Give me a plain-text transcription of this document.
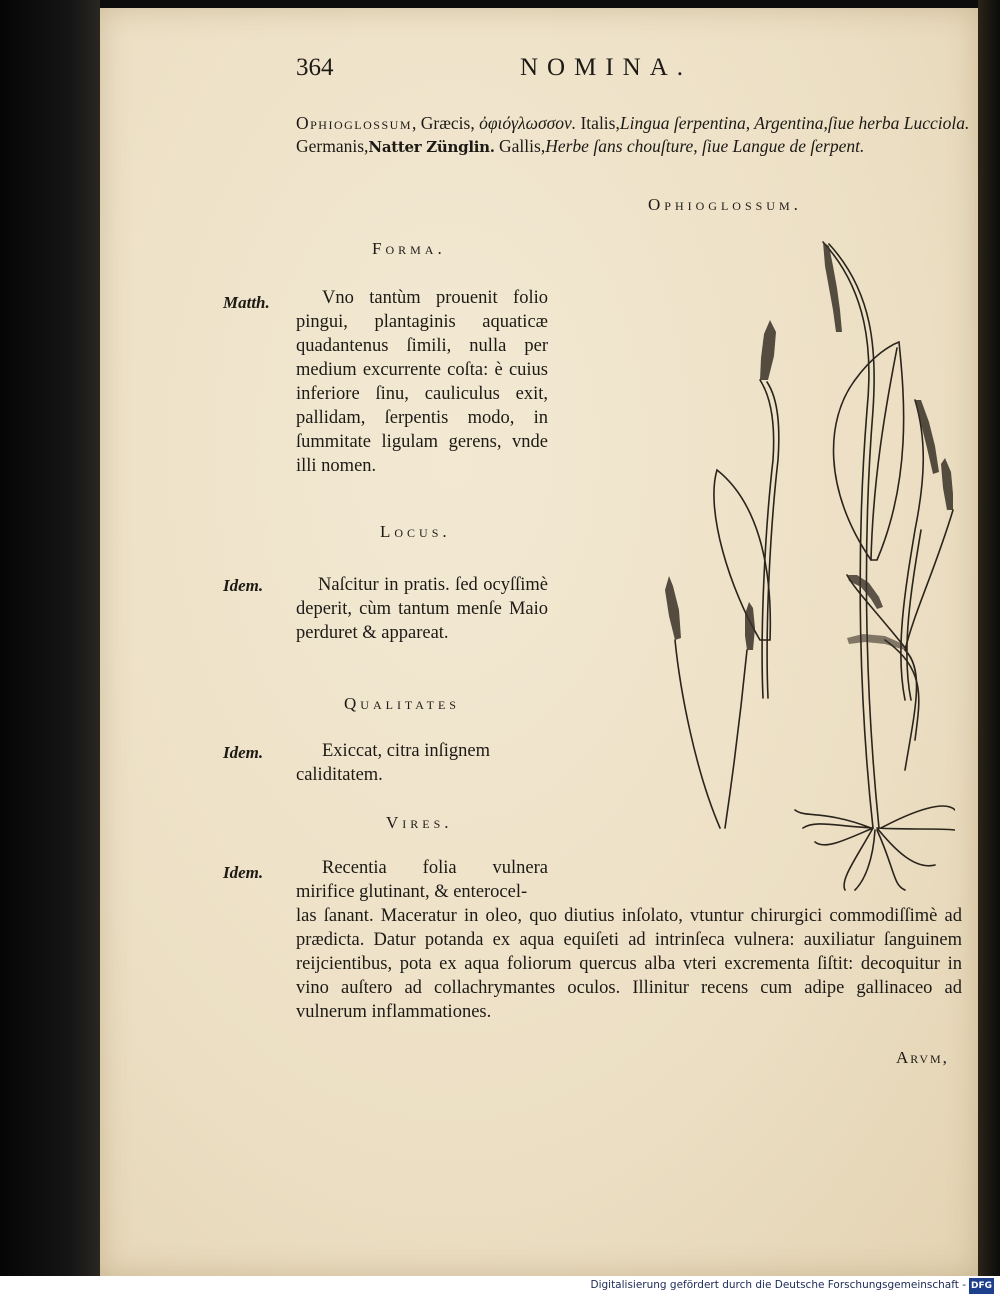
364	NOMINA.
Ophioglossum, Græcis, ὀφιόγλωσσον. Italis,Lingua ſerpentina, Argentina,ſiue herba Lucciola. Germanis,Natter Zünglin. Gallis,Herbe ſans chouſture, ſiue Langue de ſerpent.
Ophioglossum.
Forma.
Matth.	Vno tantùm prouenit folio pingui, plantaginis aquaticæ quadantenus ſimili, nulla per medium excurrente coſta: è cuius inferiore ſinu, cauliculus exit, pallidam, ſerpentis modo, in ſummitate ligulam gerens, vnde illi nomen.
Locus.
Idem.	Naſcitur in pratis. ſed ocyſſimè deperit, cùm tantum menſe Maio perduret & appareat.
Qualitates
Idem.	Exiccat, citra inſignem caliditatem.
Vires.
Idem.	Recentia folia vulnera mirifice glutinant, & enterocel-
las ſanant. Maceratur in oleo, quo diutius inſolato, vtuntur chirurgici commodiſſimè ad prædicta. Datur potanda ex aqua equiſeti ad intrinſeca vulnera: auxiliatur ſanguinem reijcientibus, pota ex aqua foliorum quercus alba vteri excrementa ſiſtit: decoquitur in vino auſtero ad collachrymantes oculos. Illinitur recens cum adipe gallinaceo ad vulnerum inflammationes.
Arvm,
Digitalisierung gefördert durch die Deutsche Forschungsgemeinschaft - DFG
